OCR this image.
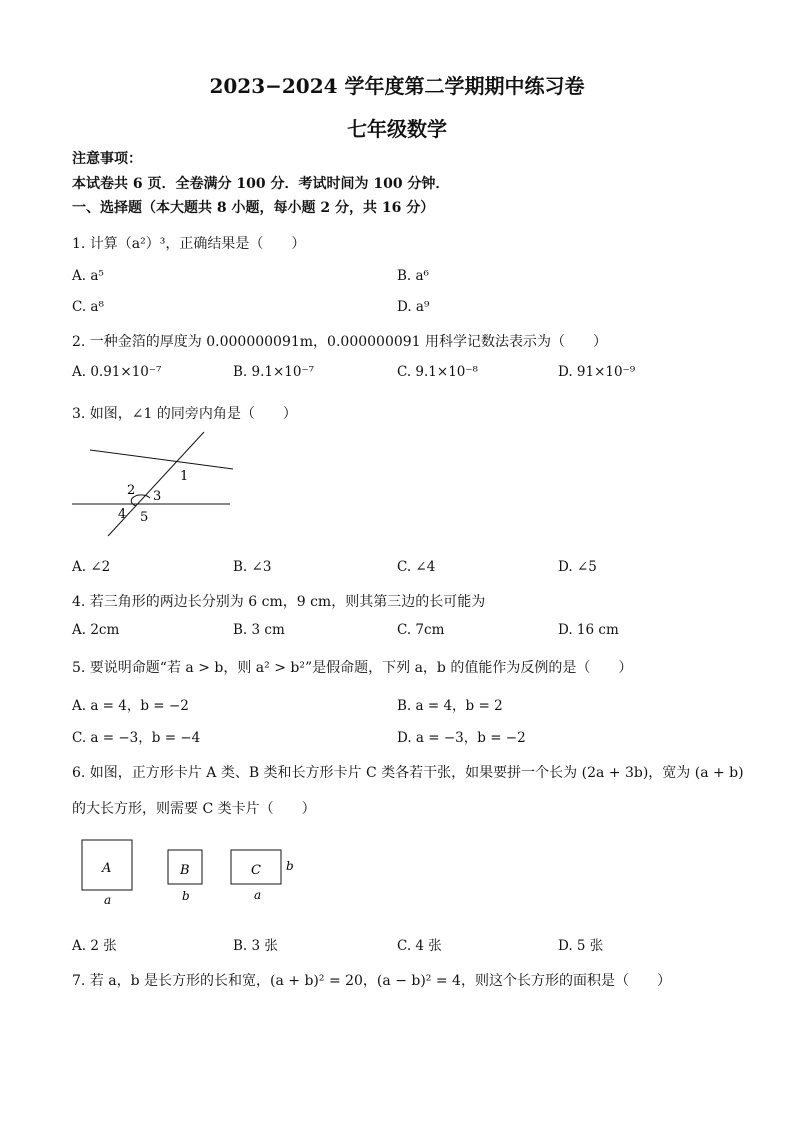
2023−2024 学年度第二学期期中练习卷
七年级数学
注意事项：
本试卷共 6 页．全卷满分 100 分．考试时间为 100 分钟．
一、选择题（本大题共 8 小题，每小题 2 分，共 16 分）
1. 计算（a²）³，正确结果是（　　）
A. a⁵	B. a⁶
C. a⁸	D. a⁹
2. 一种金箔的厚度为 0.000000091m，0.000000091 用科学记数法表示为（　　）
A. 0.91×10⁻⁷	B. 9.1×10⁻⁷	C. 9.1×10⁻⁸	D. 91×10⁻⁹
3. 如图，∠1 的同旁内角是（　　）
1
2 3
4 5
A. ∠2	B. ∠3	C. ∠4	D. ∠5
4. 若三角形的两边长分别为 6 cm，9 cm，则其第三边的长可能为
A. 2cm	B. 3 cm	C. 7cm	D. 16 cm
5. 要说明命题“若 a > b，则 a² > b²”是假命题，下列 a，b 的值能作为反例的是（　　）
A. a = 4，b = −2	B. a = 4，b = 2
C. a = −3，b = −4	D. a = −3，b = −2
6. 如图，正方形卡片 A 类、B 类和长方形卡片 C 类各若干张，如果要拼一个长为 (2a + 3b)，宽为 (a + b)
的大长方形，则需要 C 类卡片（　　）
A	B	C
a	b	a
b
A. 2 张	B. 3 张	C. 4 张	D. 5 张
7. 若 a，b 是长方形的长和宽，(a + b)² = 20，(a − b)² = 4，则这个长方形的面积是（　　）
